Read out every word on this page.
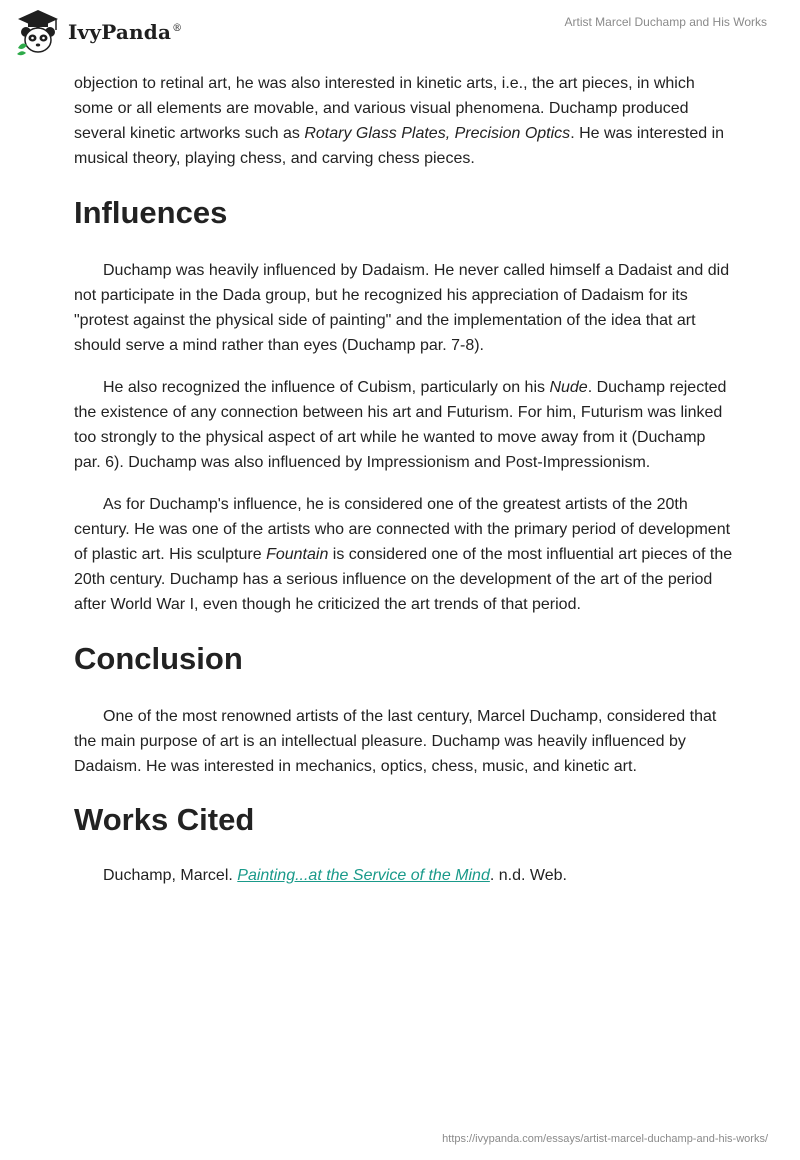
IvyPanda®	Artist Marcel Duchamp and His Works

objection to retinal art, he was also interested in kinetic arts, i.e., the art pieces, in which some or all elements are movable, and various visual phenomena. Duchamp produced several kinetic artworks such as Rotary Glass Plates, Precision Optics. He was interested in musical theory, playing chess, and carving chess pieces.

Influences

Duchamp was heavily influenced by Dadaism. He never called himself a Dadaist and did not participate in the Dada group, but he recognized his appreciation of Dadaism for its "protest against the physical side of painting" and the implementation of the idea that art should serve a mind rather than eyes (Duchamp par. 7-8).

He also recognized the influence of Cubism, particularly on his Nude. Duchamp rejected the existence of any connection between his art and Futurism. For him, Futurism was linked too strongly to the physical aspect of art while he wanted to move away from it (Duchamp par. 6). Duchamp was also influenced by Impressionism and Post-Impressionism.

As for Duchamp's influence, he is considered one of the greatest artists of the 20th century. He was one of the artists who are connected with the primary period of development of plastic art. His sculpture Fountain is considered one of the most influential art pieces of the 20th century. Duchamp has a serious influence on the development of the art of the period after World War I, even though he criticized the art trends of that period.

Conclusion

One of the most renowned artists of the last century, Marcel Duchamp, considered that the main purpose of art is an intellectual pleasure. Duchamp was heavily influenced by Dadaism. He was interested in mechanics, optics, chess, music, and kinetic art.

Works Cited

Duchamp, Marcel. Painting...at the Service of the Mind. n.d. Web.

https://ivypanda.com/essays/artist-marcel-duchamp-and-his-works/
